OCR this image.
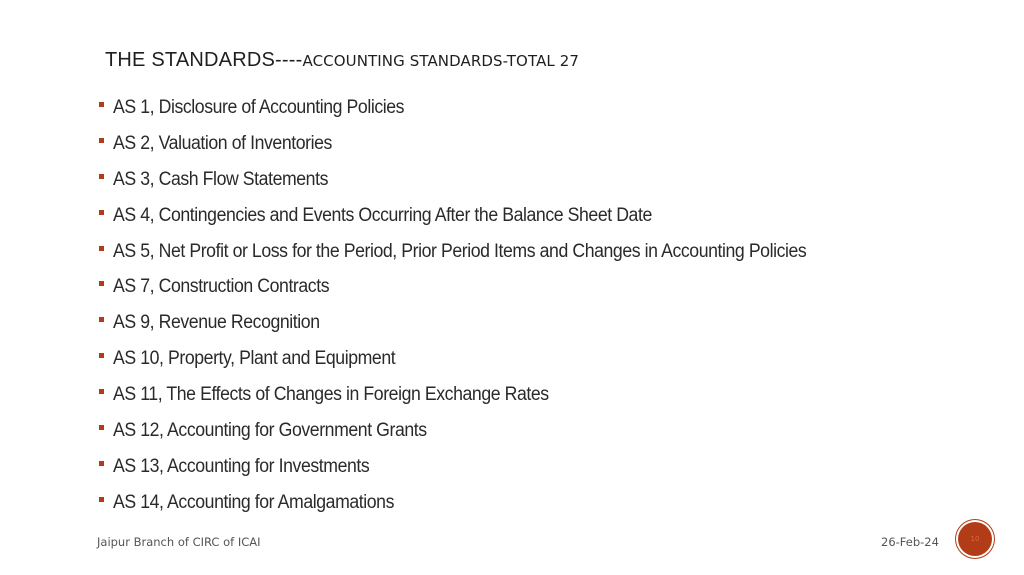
THE STANDARDS----ACCOUNTING STANDARDS-TOTAL 27
AS 1, Disclosure of Accounting Policies
AS 2, Valuation of Inventories
AS 3, Cash Flow Statements
AS 4, Contingencies and Events Occurring After the Balance Sheet Date
AS 5, Net Profit or Loss for the Period, Prior Period Items and Changes in Accounting Policies
AS 7, Construction Contracts
AS 9, Revenue Recognition
AS 10, Property, Plant and Equipment
AS 11, The Effects of Changes in Foreign Exchange Rates
AS 12, Accounting for Government Grants
AS 13, Accounting for Investments
AS 14, Accounting for Amalgamations
Jaipur Branch of CIRC of ICAI	26-Feb-24	10
